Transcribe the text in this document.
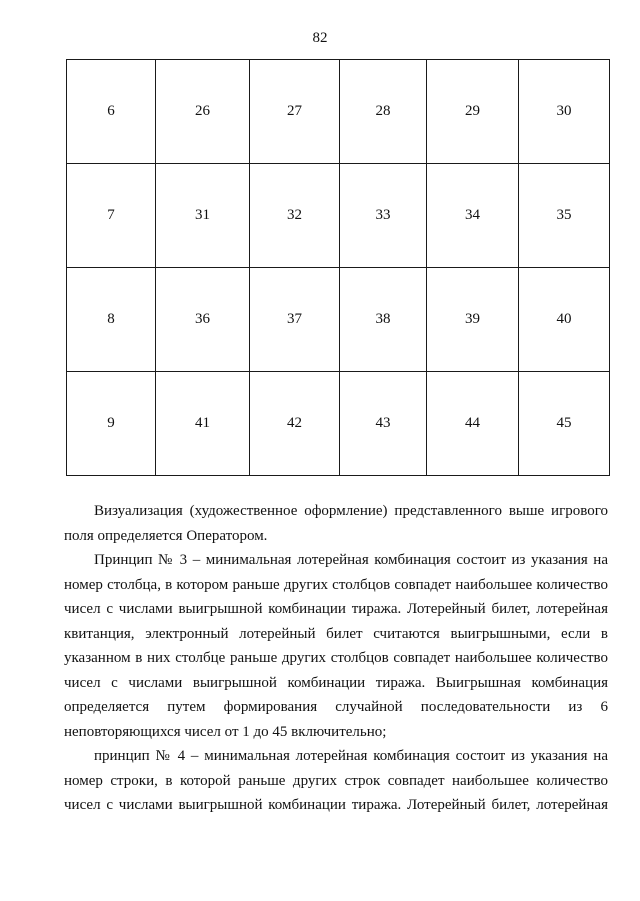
82
6	26	27	28	29	30
7	31	32	33	34	35
8	36	37	38	39	40
9	41	42	43	44	45

Визуализация (художественное оформление) представленного выше игрового поля определяется Оператором.

Принцип № 3 – минимальная лотерейная комбинация состоит из указания на номер столбца, в котором раньше других столбцов совпадет наибольшее количество чисел с числами выигрышной комбинации тиража. Лотерейный билет, лотерейная квитанция, электронный лотерейный билет считаются выигрышными, если в указанном в них столбце раньше других столбцов совпадет наибольшее количество чисел с числами выигрышной комбинации тиража. Выигрышная комбинация определяется путем формирования случайной последовательности из 6 неповторяющихся чисел от 1 до 45 включительно;

принцип № 4 – минимальная лотерейная комбинация состоит из указания на номер строки, в которой раньше других строк совпадет наибольшее количество чисел с числами выигрышной комбинации тиража. Лотерейный билет, лотерейная
